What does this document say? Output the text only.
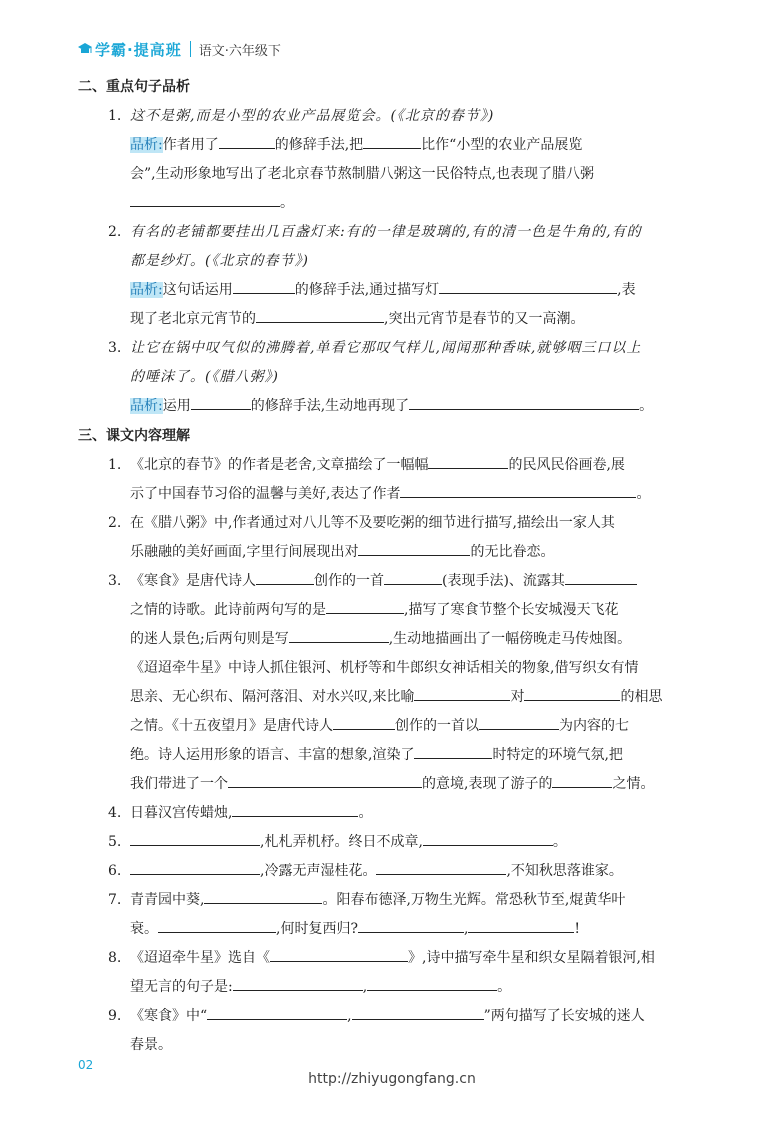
学霸·提高班 语文·六年级下
二、重点句子品析
1. 这不是粥,而是小型的农业产品展览会。(《北京的春节》)
品析:作者用了	的修辞手法,把	比作“小型的农业产品展览
会”,生动形象地写出了老北京春节熬制腊八粥这一民俗特点,也表现了腊八粥
。
2. 有名的老铺都要挂出几百盏灯来:有的一律是玻璃的,有的清一色是牛角的,有的
都是纱灯。(《北京的春节》)
品析:这句话运用	的修辞手法,通过描写灯	,表
现了老北京元宵节的	,突出元宵节是春节的又一高潮。
3. 让它在锅中叹气似的沸腾着,单看它那叹气样儿,闻闻那种香味,就够咽三口以上
的唾沫了。(《腊八粥》)
品析:运用	的修辞手法,生动地再现了	。
三、课文内容理解
1. 《北京的春节》的作者是老舍,文章描绘了一幅幅	的民风民俗画卷,展
示了中国春节习俗的温馨与美好,表达了作者	。
2. 在《腊八粥》中,作者通过对八儿等不及要吃粥的细节进行描写,描绘出一家人其
乐融融的美好画面,字里行间展现出对	的无比眷恋。
3. 《寒食》是唐代诗人	创作的一首	(表现手法)、流露其
之情的诗歌。此诗前两句写的是	,描写了寒食节整个长安城漫天飞花
的迷人景色;后两句则是写	,生动地描画出了一幅傍晚走马传烛图。
《迢迢牵牛星》中诗人抓住银河、机杼等和牛郎织女神话相关的物象,借写织女有情
思亲、无心织布、隔河落泪、对水兴叹,来比喻	对	的相思
之情。《十五夜望月》是唐代诗人	创作的一首以	为内容的七
绝。诗人运用形象的语言、丰富的想象,渲染了	时特定的环境气氛,把
我们带进了一个	的意境,表现了游子的	之情。
4. 日暮汉宫传蜡烛,	。
5.	,札札弄机杼。终日不成章,	。
6.	,冷露无声湿桂花。	,不知秋思落谁家。
7. 青青园中葵,	。阳春布德泽,万物生光辉。常恐秋节至,焜黄华叶
衰。	,何时复西归?	,	!
8. 《迢迢牵牛星》选自《	》,诗中描写牵牛星和织女星隔着银河,相
望无言的句子是:	,	。
9. 《寒食》中“	,	”两句描写了长安城的迷人
春景。
02
http://zhiyugongfang.cn
